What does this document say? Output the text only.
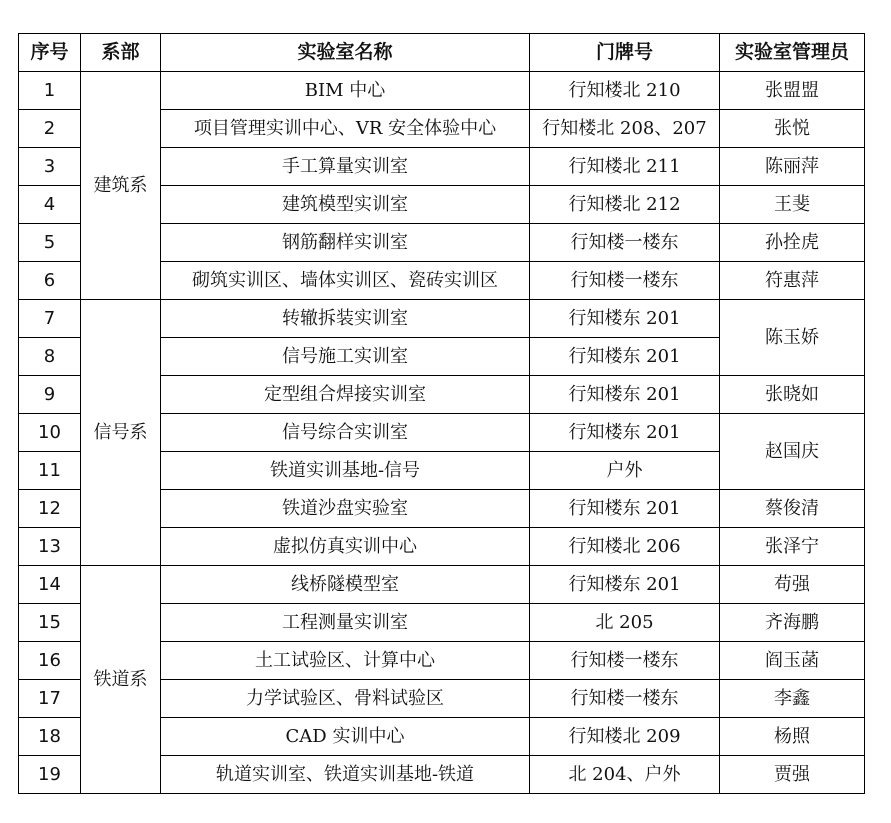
序号	系部	实验室名称	门牌号	实验室管理员
1	建筑系	BIM 中心	行知楼北 210	张盟盟
2		项目管理实训中心、VR 安全体验中心	行知楼北 208、207	张悦
3		手工算量实训室	行知楼北 211	陈丽萍
4		建筑模型实训室	行知楼北 212	王斐
5		钢筋翻样实训室	行知楼一楼东	孙拴虎
6		砌筑实训区、墙体实训区、瓷砖实训区	行知楼一楼东	符惠萍
7	信号系	转辙拆装实训室	行知楼东 201	陈玉娇
8		信号施工实训室	行知楼东 201	
9		定型组合焊接实训室	行知楼东 201	张晓如
10		信号综合实训室	行知楼东 201	赵国庆
11		铁道实训基地-信号	户外	
12		铁道沙盘实验室	行知楼东 201	蔡俊清
13		虚拟仿真实训中心	行知楼北 206	张泽宁
14	铁道系	线桥隧模型室	行知楼东 201	苟强
15		工程测量实训室	北 205	齐海鹏
16		土工试验区、计算中心	行知楼一楼东	阎玉菡
17		力学试验区、骨料试验区	行知楼一楼东	李鑫
18		CAD 实训中心	行知楼北 209	杨照
19		轨道实训室、铁道实训基地-铁道	北 204、户外	贾强
